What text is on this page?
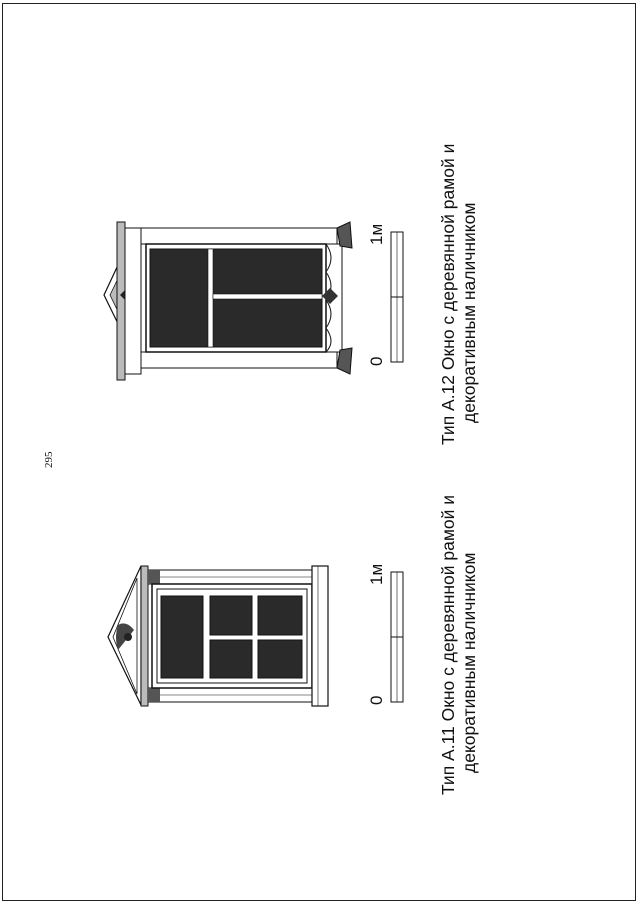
295
0
1м	Тип А.11 Окно с деревянной рамой и декоративным наличником
0
1м	Тип А.12 Окно с деревянной рамой и декоративным наличником
